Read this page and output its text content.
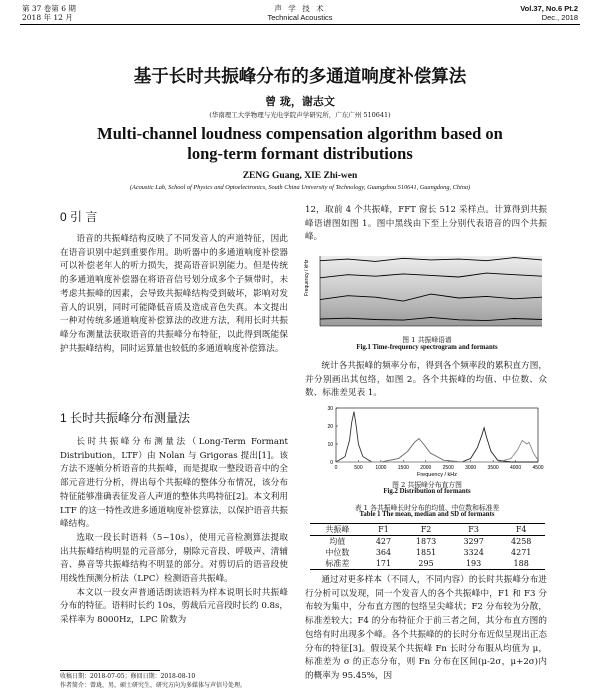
第 37 卷第 6 期
2018 年 12 月
声 学 技 术
Technical Acoustics
Vol.37, No.6 Pt.2
Dec., 2018
基于长时共振峰分布的多通道响度补偿算法
曾 珑，谢志文
(华南理工大学物理与光电学院声学研究所，广东广州 510641)
Multi-channel loudness compensation algorithm based on
long-term formant distributions
ZENG Guang, XIE Zhi-wen
(Acoustic Lab, School of Physics and Optoelectronics, South China University of Technology, Guangzhou 510641, Guangdong, China)
0 引 言

语音的共振峰结构反映了不同发音人的声道特征，因此在语音识别中起到重要作用。助听器中的多通道响度补偿器可以补偿老年人的听力损失，提高语音识别能力。但是传统的多通道响度补偿器在将语音信号划分成多个子频带时，未考虑共振峰的因素，会导致共振峰结构受到破坏，影响对发音人的识别，同时可能降低音质及造成音色失真。本文提出一种对传统多通道响度补偿算法的改进方法，利用长时共振峰分布测量法获取语音的共振峰分布特征，以此得到既能保护共振峰结构，同时运算量也较低的多通道响度补偿算法。

1 长时共振峰分布测量法

长时共振峰分布测量法（Long-Term Formant Distribution，LTF）由 Nolan 与 Grigoras 提出[1]。该方法不逐帧分析语音的共振峰，而是提取一整段语音中的全部元音进行分析，得出每个共振峰的整体分布情况，该分布特征能够准确表征发音人声道的整体共鸣特征[2]。本文利用 LTF 的这一特性改进多通道响度补偿算法，以保护语音共振峰结构。

选取一段长时语料（5~10s），使用元音检测算法提取出共振峰结构明显的元音部分，剔除元音段、呼吸声、清辅音、鼻音等共振峰结构不明显的部分。对剪切后的语音段使用线性预测分析法（LPC）检测语音共振峰。

本文以一段女声普通话朗读语料为样本说明长时共振峰分布的特征。语料时长约 10s，剪裁后元音段时长约 0.8s，采样率为 8000Hz，LPC 阶数为

收稿日期：2018-07-05；修回日期：2018-08-10
作者简介：曾珑，男，硕士研究生，研究方向为多媒体与声信号处理。

12，取前 4 个共振峰，FFT 窗长 512 采样点。计算得到共振峰语谱图如图 1。图中黑线由下至上分别代表语音的四个共振峰。

Frequency / kHz
图 1 共振峰语谱
Fig.1 Time-frequency spectrogram and formants

统计各共振峰的频率分布，得到各个频率段的累积直方图，并分别画出其包络，如图 2。各个共振峰的均值、中位数、众数、标准差见表 1。

0
10
20
30
0	500	1000 1500 2000 2500 3000 3500 4000 4500
Frequency / kHz
图 2 共振峰分布直方图
Fig.2 Distribution of formants
表 1 各共振峰长时分布的均值、中位数和标准差
Table 1 The mean, median and SD of formants
共振峰	F1	F2	F3	F4
均值	427	1873	3297	4258
中位数	364	1851	3324	4271
标准差	171	295	193	188

通过对更多样本（不同人，不同内容）的长时共振峰分布进行分析可以发现，同一个发音人的各个共振峰中，F1 和 F3 分布较为集中，分布直方图的包络呈尖峰状；F2 分布较为分散，标准差较大；F4 的分布特征介于前三者之间，其分布直方图的包络有时出现多个峰。各个共振峰的的长时分布近似呈现出正态分布的特征[3]。假设某个共振峰 Fn 长时分布服从均值为 μ，标准差为 σ 的正态分布，则 Fn 分布在区间(μ-2σ，μ+2σ)内的概率为 95.45%，因
